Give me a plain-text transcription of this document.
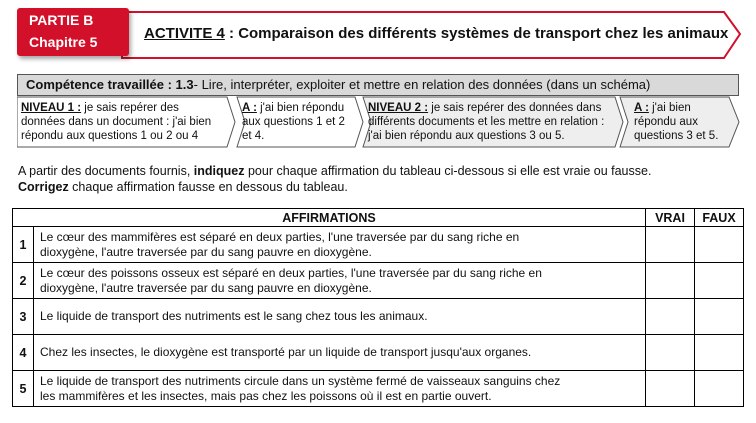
PARTIE B
Chapitre 5	ACTIVITE 4 : Comparaison des différents systèmes de transport chez les animaux
Compétence travaillée : 1.3- Lire, interpréter, exploiter et mettre en relation des données (dans un schéma)
NIVEAU 1 : je sais repérer des
données dans un document : j'ai bien
répondu aux questions 1 ou 2 ou 4
A : j'ai bien répondu
aux questions 1 et 2
et 4.
NIVEAU 2 : je sais repérer des données dans
différents documents et les mettre en relation :
j'ai bien répondu aux questions 3 ou 5.
A : j'ai bien
répondu aux
questions 3 et 5.
A partir des documents fournis, indiquez pour chaque affirmation du tableau ci-dessous si elle est vraie ou fausse.
Corrigez chaque affirmation fausse en dessous du tableau.
AFFIRMATIONS		VRAI	FAUX
1	Le cœur des mammifères est séparé en deux parties, l'une traversée par du sang riche en
dioxygène, l'autre traversée par du sang pauvre en dioxygène.		
2	Le cœur des poissons osseux est séparé en deux parties, l'une traversée par du sang riche en
dioxygène, l'autre traversée par du sang pauvre en dioxygène.		
3	Le liquide de transport des nutriments est le sang chez tous les animaux.		
4	Chez les insectes, le dioxygène est transporté par un liquide de transport jusqu'aux organes.		
5	Le liquide de transport des nutriments circule dans un système fermé de vaisseaux sanguins chez
les mammifères et les insectes, mais pas chez les poissons où il est en partie ouvert.		
